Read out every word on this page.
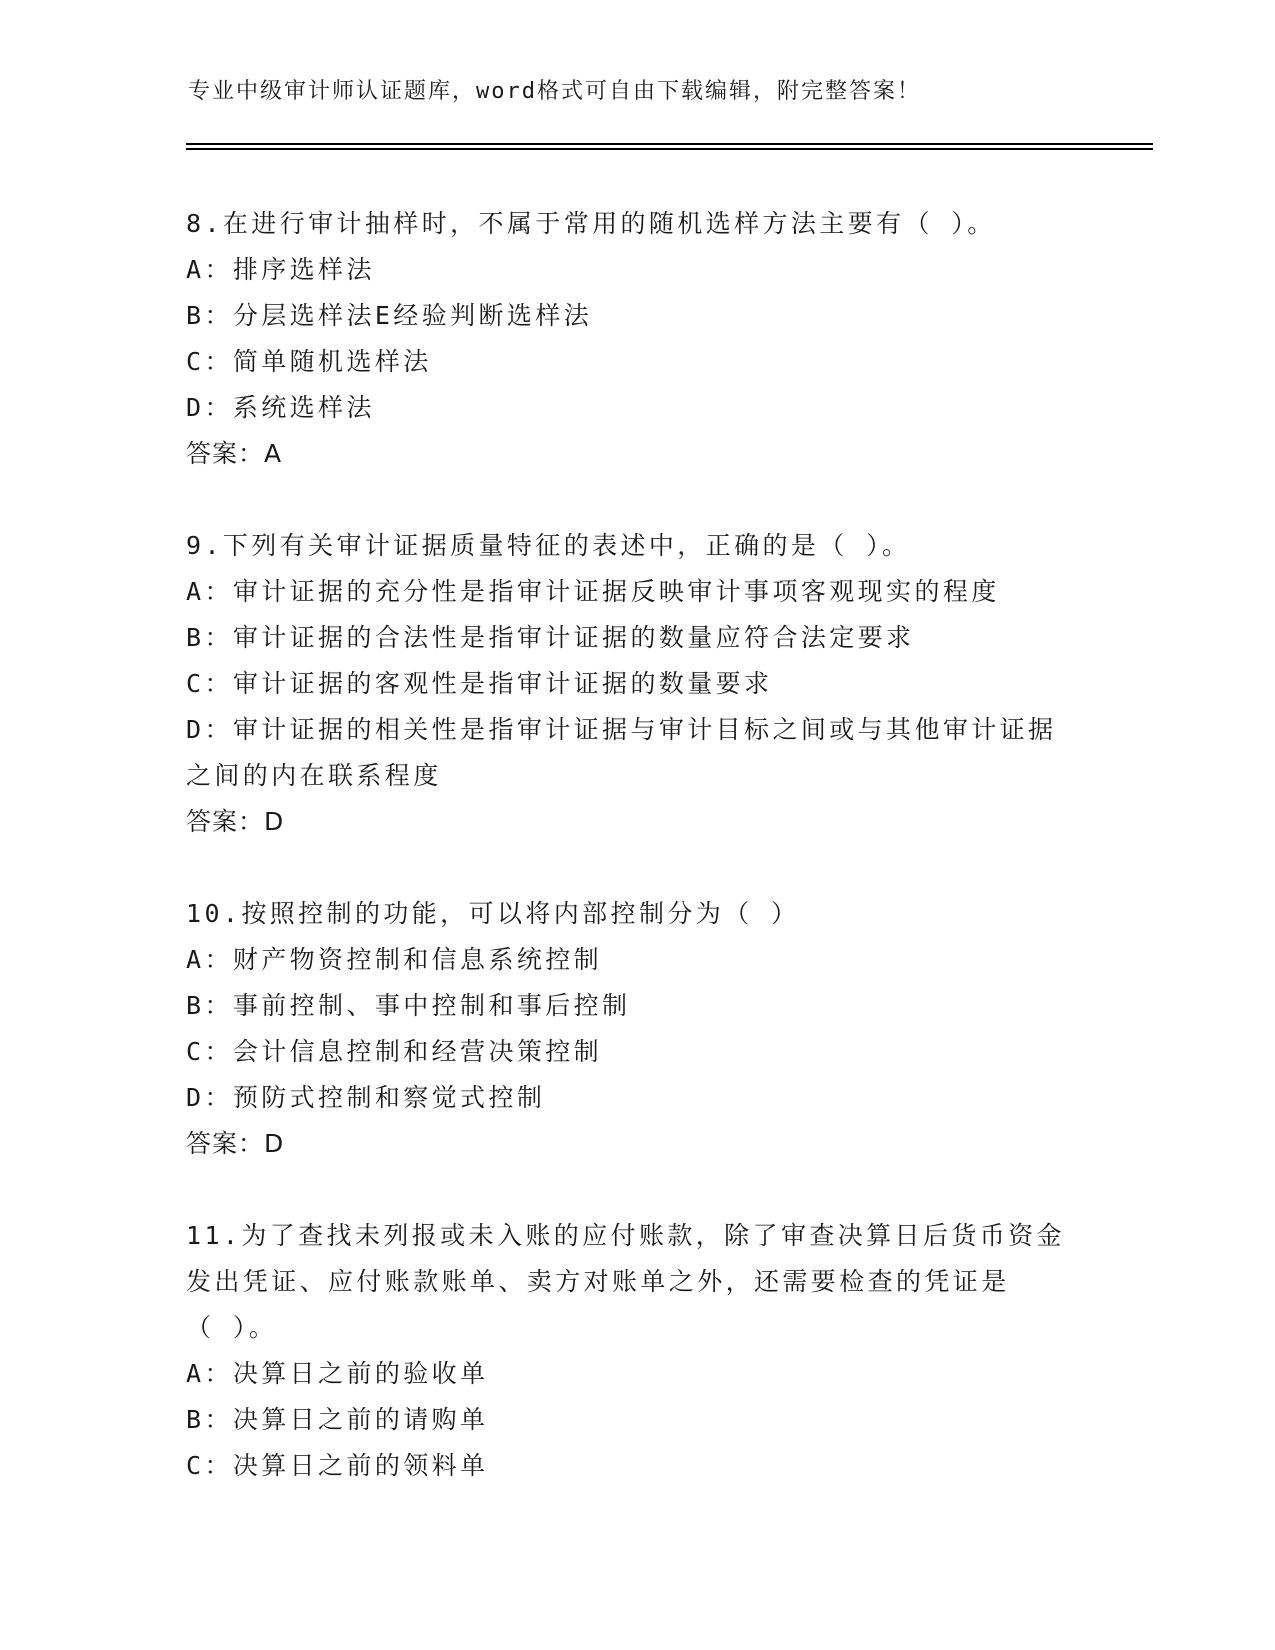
专业中级审计师认证题库，word格式可自由下载编辑，附完整答案！
8.在进行审计抽样时，不属于常用的随机选样方法主要有（ ）。
A：排序选样法
B：分层选样法E经验判断选样法
C：简单随机选样法
D：系统选样法
答案：A
9.下列有关审计证据质量特征的表述中，正确的是（ ）。
A：审计证据的充分性是指审计证据反映审计事项客观现实的程度
B：审计证据的合法性是指审计证据的数量应符合法定要求
C：审计证据的客观性是指审计证据的数量要求
D：审计证据的相关性是指审计证据与审计目标之间或与其他审计证据
之间的内在联系程度
答案：D
10.按照控制的功能，可以将内部控制分为（ ）
A：财产物资控制和信息系统控制
B：事前控制、事中控制和事后控制
C：会计信息控制和经营决策控制
D：预防式控制和察觉式控制
答案：D
11.为了查找未列报或未入账的应付账款，除了审查决算日后货币资金
发出凭证、应付账款账单、卖方对账单之外，还需要检查的凭证是
（ ）。
A：决算日之前的验收单
B：决算日之前的请购单
C：决算日之前的领料单
